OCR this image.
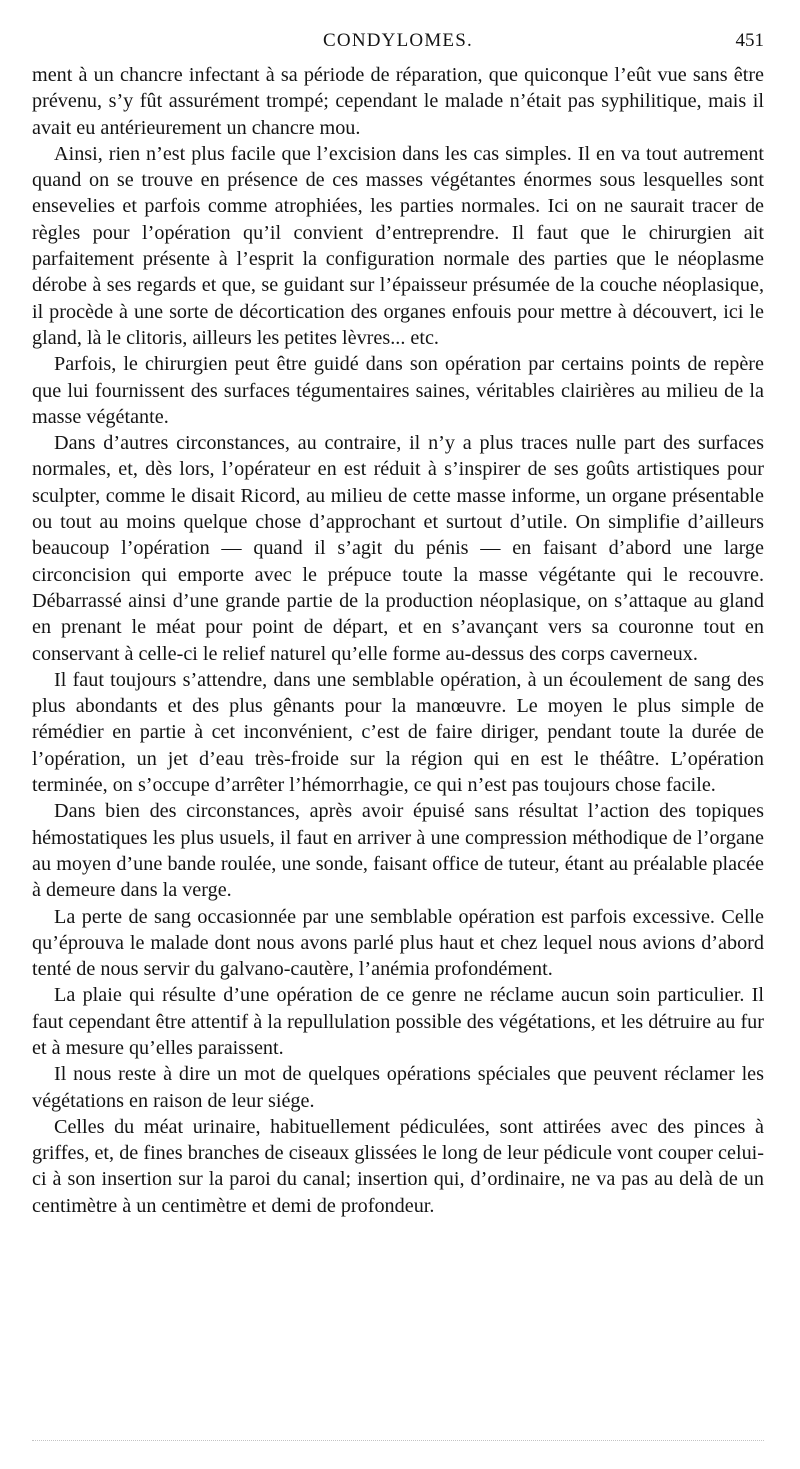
CONDYLOMES.	451

ment à un chancre infectant à sa période de réparation, que quiconque l’eût vue sans être prévenu, s’y fût assurément trompé; cependant le malade n’était pas syphilitique, mais il avait eu antérieurement un chancre mou.

Ainsi, rien n’est plus facile que l’excision dans les cas simples. Il en va tout autrement quand on se trouve en présence de ces masses végétantes énormes sous lesquelles sont ensevelies et parfois comme atrophiées, les parties normales. Ici on ne saurait tracer de règles pour l’opération qu’il convient d’entreprendre. Il faut que le chirurgien ait parfaitement présente à l’esprit la configuration normale des parties que le néoplasme dérobe à ses regards et que, se guidant sur l’épaisseur présumée de la couche néoplasique, il procède à une sorte de décortication des organes enfouis pour mettre à découvert, ici le gland, là le clitoris, ailleurs les petites lèvres... etc.

Parfois, le chirurgien peut être guidé dans son opération par certains points de repère que lui fournissent des surfaces tégumentaires saines, véritables clairières au milieu de la masse végétante.

Dans d’autres circonstances, au contraire, il n’y a plus traces nulle part des surfaces normales, et, dès lors, l’opérateur en est réduit à s’inspirer de ses goûts artistiques pour sculpter, comme le disait Ricord, au milieu de cette masse informe, un organe présentable ou tout au moins quelque chose d’approchant et surtout d’utile. On simplifie d’ailleurs beaucoup l’opération — quand il s’agit du pénis — en faisant d’abord une large circoncision qui emporte avec le prépuce toute la masse végétante qui le recouvre. Débarrassé ainsi d’une grande partie de la production néoplasique, on s’attaque au gland en prenant le méat pour point de départ, et en s’avançant vers sa couronne tout en conservant à celle-ci le relief naturel qu’elle forme au-dessus des corps caverneux.

Il faut toujours s’attendre, dans une semblable opération, à un écoulement de sang des plus abondants et des plus gênants pour la manœuvre. Le moyen le plus simple de rémédier en partie à cet inconvénient, c’est de faire diriger, pendant toute la durée de l’opération, un jet d’eau très-froide sur la région qui en est le théâtre. L’opération terminée, on s’occupe d’arrêter l’hémorrhagie, ce qui n’est pas toujours chose facile.

Dans bien des circonstances, après avoir épuisé sans résultat l’action des topiques hémostatiques les plus usuels, il faut en arriver à une compression méthodique de l’organe au moyen d’une bande roulée, une sonde, faisant office de tuteur, étant au préalable placée à demeure dans la verge.

La perte de sang occasionnée par une semblable opération est parfois excessive. Celle qu’éprouva le malade dont nous avons parlé plus haut et chez lequel nous avions d’abord tenté de nous servir du galvano-cautère, l’anémia profondément.

La plaie qui résulte d’une opération de ce genre ne réclame aucun soin particulier. Il faut cependant être attentif à la repullulation possible des végétations, et les détruire au fur et à mesure qu’elles paraissent.

Il nous reste à dire un mot de quelques opérations spéciales que peuvent réclamer les végétations en raison de leur siége.

Celles du méat urinaire, habituellement pédiculées, sont attirées avec des pinces à griffes, et, de fines branches de ciseaux glissées le long de leur pédicule vont couper celui-ci à son insertion sur la paroi du canal; insertion qui, d’ordinaire, ne va pas au delà de un centimètre à un centimètre et demi de profondeur.
